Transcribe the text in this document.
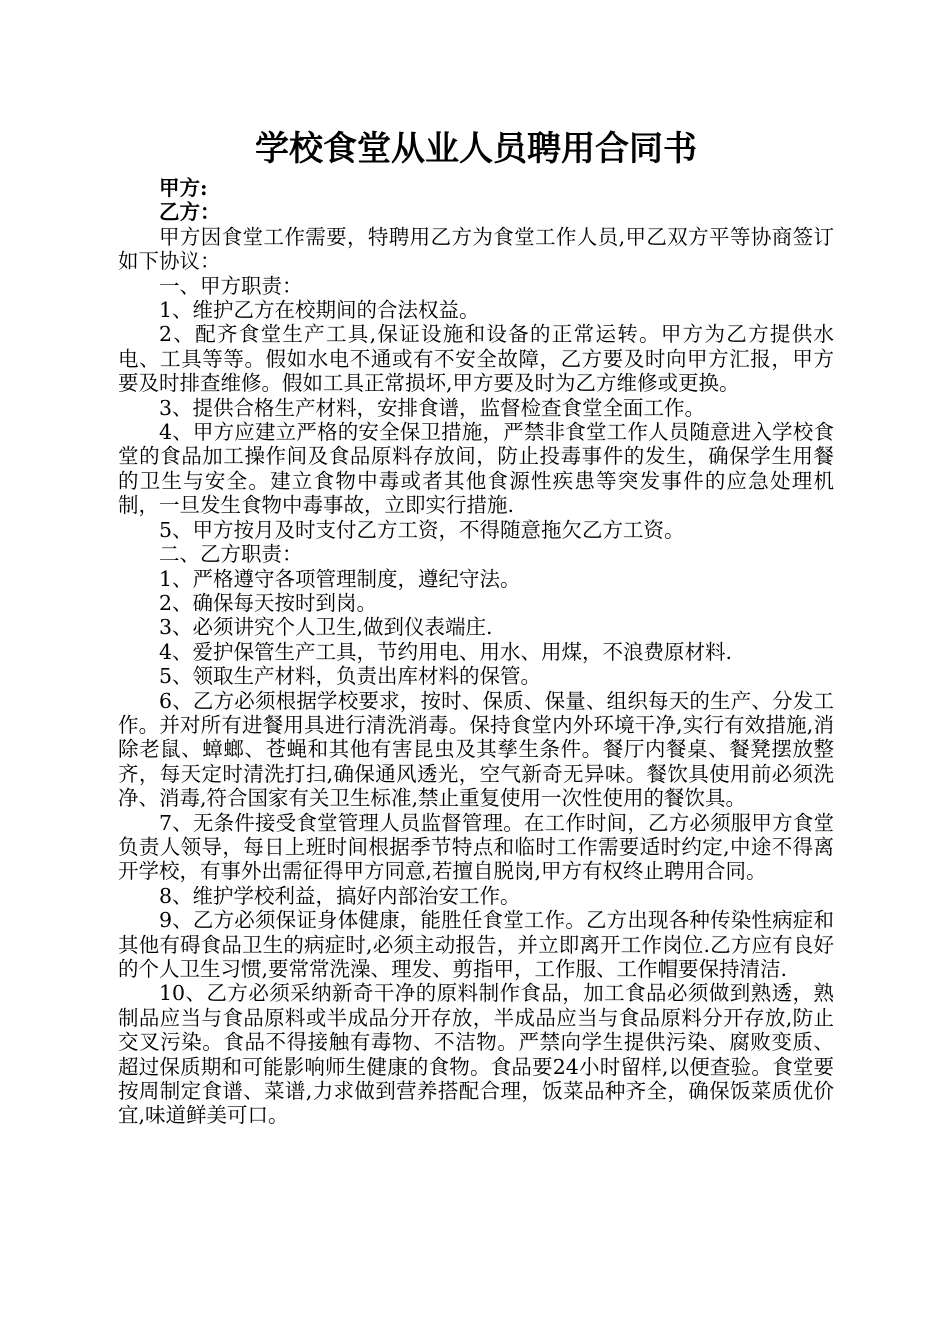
学校食堂从业人员聘用合同书

甲方:

乙方：

甲方因食堂工作需要，特聘用乙方为食堂工作人员,甲乙双方平等协商签订如下协议：

一、甲方职责：

1、维护乙方在校期间的合法权益。

2、配齐食堂生产工具,保证设施和设备的正常运转。甲方为乙方提供水电、工具等等。假如水电不通或有不安全故障，乙方要及时向甲方汇报，甲方要及时排查维修。假如工具正常损坏,甲方要及时为乙方维修或更换。

3、提供合格生产材料，安排食谱，监督检查食堂全面工作。

4、甲方应建立严格的安全保卫措施，严禁非食堂工作人员随意进入学校食堂的食品加工操作间及食品原料存放间，防止投毒事件的发生，确保学生用餐的卫生与安全。建立食物中毒或者其他食源性疾患等突发事件的应急处理机制，一旦发生食物中毒事故，立即实行措施.

5、甲方按月及时支付乙方工资，不得随意拖欠乙方工资。

二、乙方职责：

1、严格遵守各项管理制度，遵纪守法。

2、确保每天按时到岗。

3、必须讲究个人卫生,做到仪表端庄.

4、爱护保管生产工具，节约用电、用水、用煤，不浪费原材料.

5、领取生产材料，负责出库材料的保管。

6、乙方必须根据学校要求，按时、保质、保量、组织每天的生产、分发工作。并对所有进餐用具进行清洗消毒。保持食堂内外环境干净,实行有效措施,消除老鼠、蟑螂、苍蝇和其他有害昆虫及其孳生条件。餐厅内餐桌、餐凳摆放整齐，每天定时清洗打扫,确保通风透光，空气新奇无异味。餐饮具使用前必须洗净、消毒,符合国家有关卫生标准,禁止重复使用一次性使用的餐饮具。

7、无条件接受食堂管理人员监督管理。在工作时间，乙方必须服甲方食堂负责人领导，每日上班时间根据季节特点和临时工作需要适时约定,中途不得离开学校，有事外出需征得甲方同意,若擅自脱岗,甲方有权终止聘用合同。

8、维护学校利益，搞好内部治安工作。

9、乙方必须保证身体健康，能胜任食堂工作。乙方出现各种传染性病症和其他有碍食品卫生的病症时,必须主动报告，并立即离开工作岗位.乙方应有良好的个人卫生习惯,要常常洗澡、理发、剪指甲，工作服、工作帽要保持清洁.

10、乙方必须采纳新奇干净的原料制作食品，加工食品必须做到熟透，熟制品应当与食品原料或半成品分开存放，半成品应当与食品原料分开存放,防止交叉污染。食品不得接触有毒物、不洁物。严禁向学生提供污染、腐败变质、超过保质期和可能影响师生健康的食物。食品要24小时留样,以便查验。食堂要按周制定食谱、菜谱,力求做到营养搭配合理，饭菜品种齐全，确保饭菜质优价宜,味道鲜美可口。
